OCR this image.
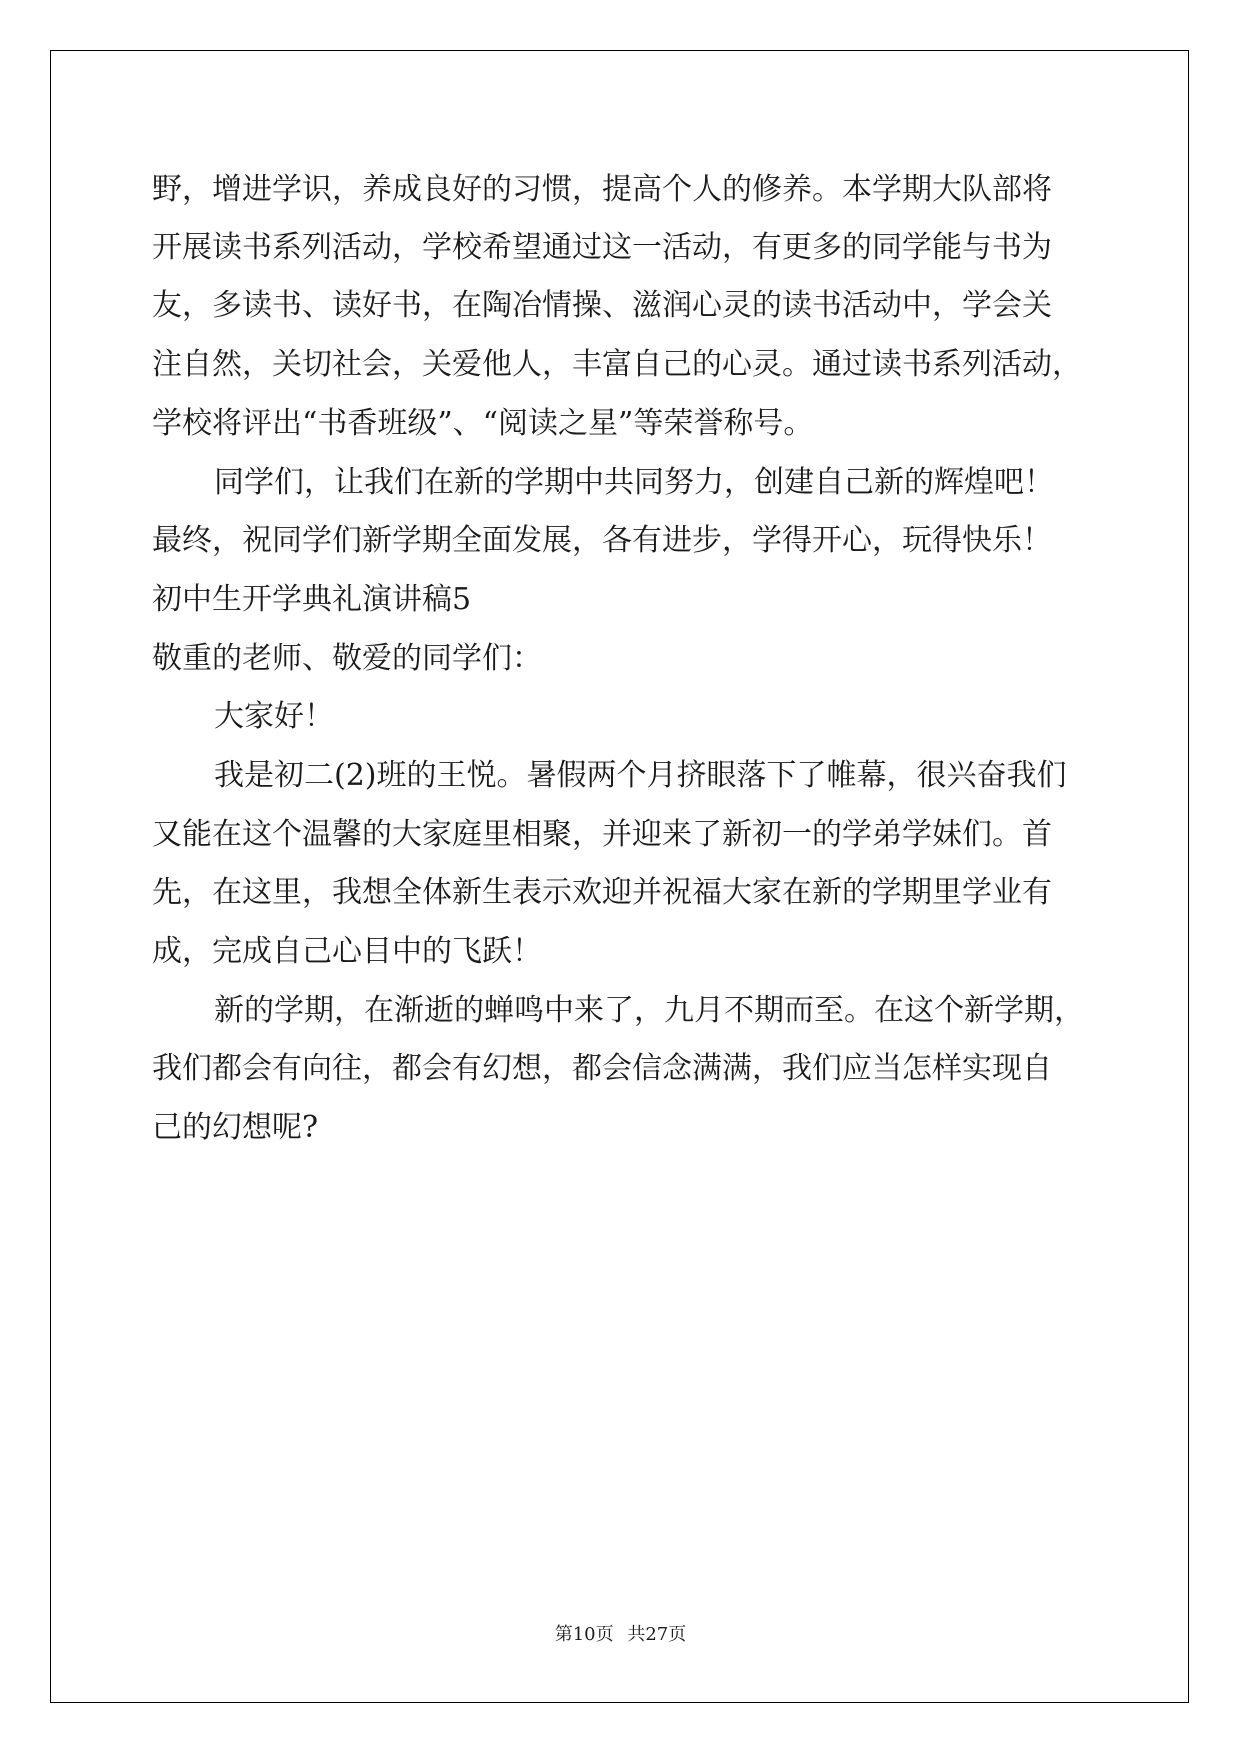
野，增进学识，养成良好的习惯，提高个人的修养。本学期大队部将

开展读书系列活动，学校希望通过这一活动，有更多的同学能与书为

友，多读书、读好书，在陶冶情操、滋润心灵的读书活动中，学会关

注自然，关切社会，关爱他人，丰富自己的心灵。通过读书系列活动，

学校将评出“书香班级”、“阅读之星”等荣誉称号。

同学们，让我们在新的学期中共同努力，创建自己新的辉煌吧！

最终，祝同学们新学期全面发展，各有进步，学得开心，玩得快乐！

初中生开学典礼演讲稿5

敬重的老师、敬爱的同学们：

大家好！

我是初二(2)班的王悦。暑假两个月挤眼落下了帷幕，很兴奋我们

又能在这个温馨的大家庭里相聚，并迎来了新初一的学弟学妹们。首

先，在这里，我想全体新生表示欢迎并祝福大家在新的学期里学业有

成，完成自己心目中的飞跃！

新的学期，在渐逝的蝉鸣中来了，九月不期而至。在这个新学期，

我们都会有向往，都会有幻想，都会信念满满，我们应当怎样实现自

己的幻想呢?

第10页 共27页
